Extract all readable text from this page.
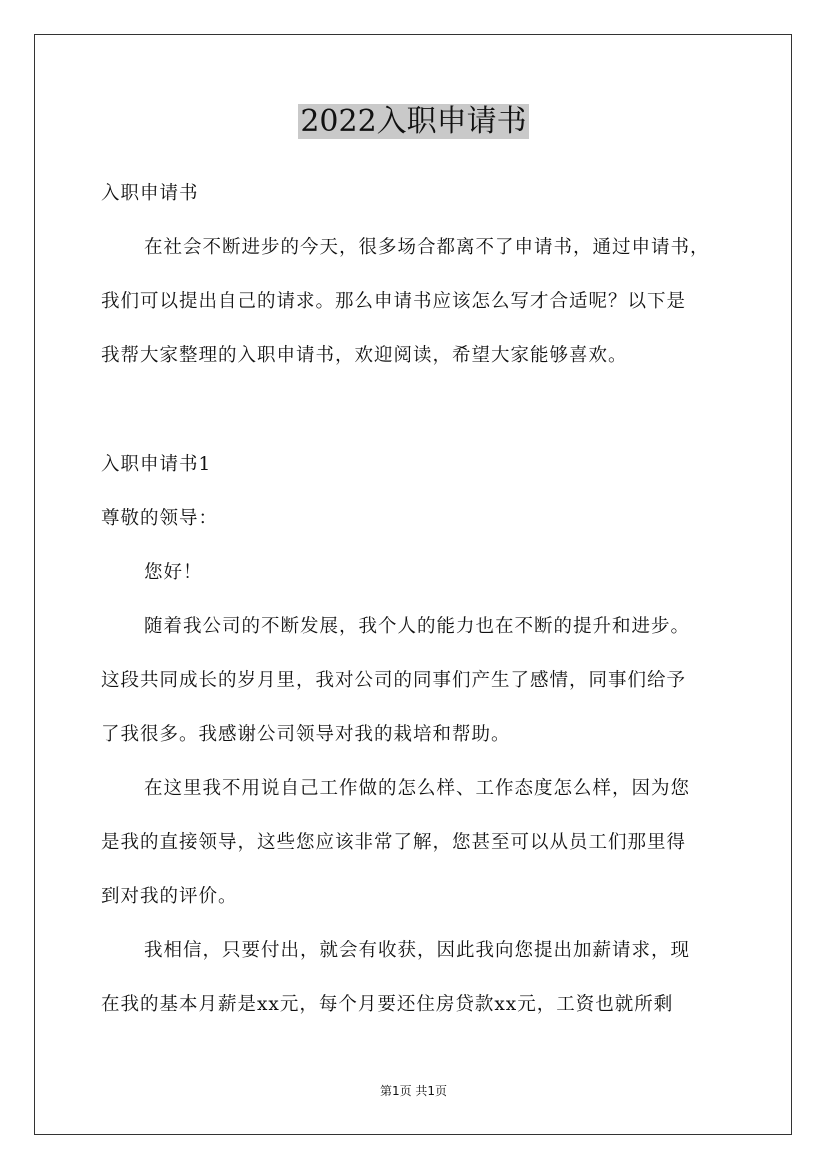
2022入职申请书
入职申请书
在社会不断进步的今天，很多场合都离不了申请书，通过申请书，
我们可以提出自己的请求。那么申请书应该怎么写才合适呢？以下是
我帮大家整理的入职申请书，欢迎阅读，希望大家能够喜欢。
入职申请书1
尊敬的领导：
您好！
随着我公司的不断发展，我个人的能力也在不断的提升和进步。
这段共同成长的岁月里，我对公司的同事们产生了感情，同事们给予
了我很多。我感谢公司领导对我的栽培和帮助。
在这里我不用说自己工作做的怎么样、工作态度怎么样，因为您
是我的直接领导，这些您应该非常了解，您甚至可以从员工们那里得
到对我的评价。
我相信，只要付出，就会有收获，因此我向您提出加薪请求，现
在我的基本月薪是xx元，每个月要还住房贷款xx元，工资也就所剩
第1页 共1页
